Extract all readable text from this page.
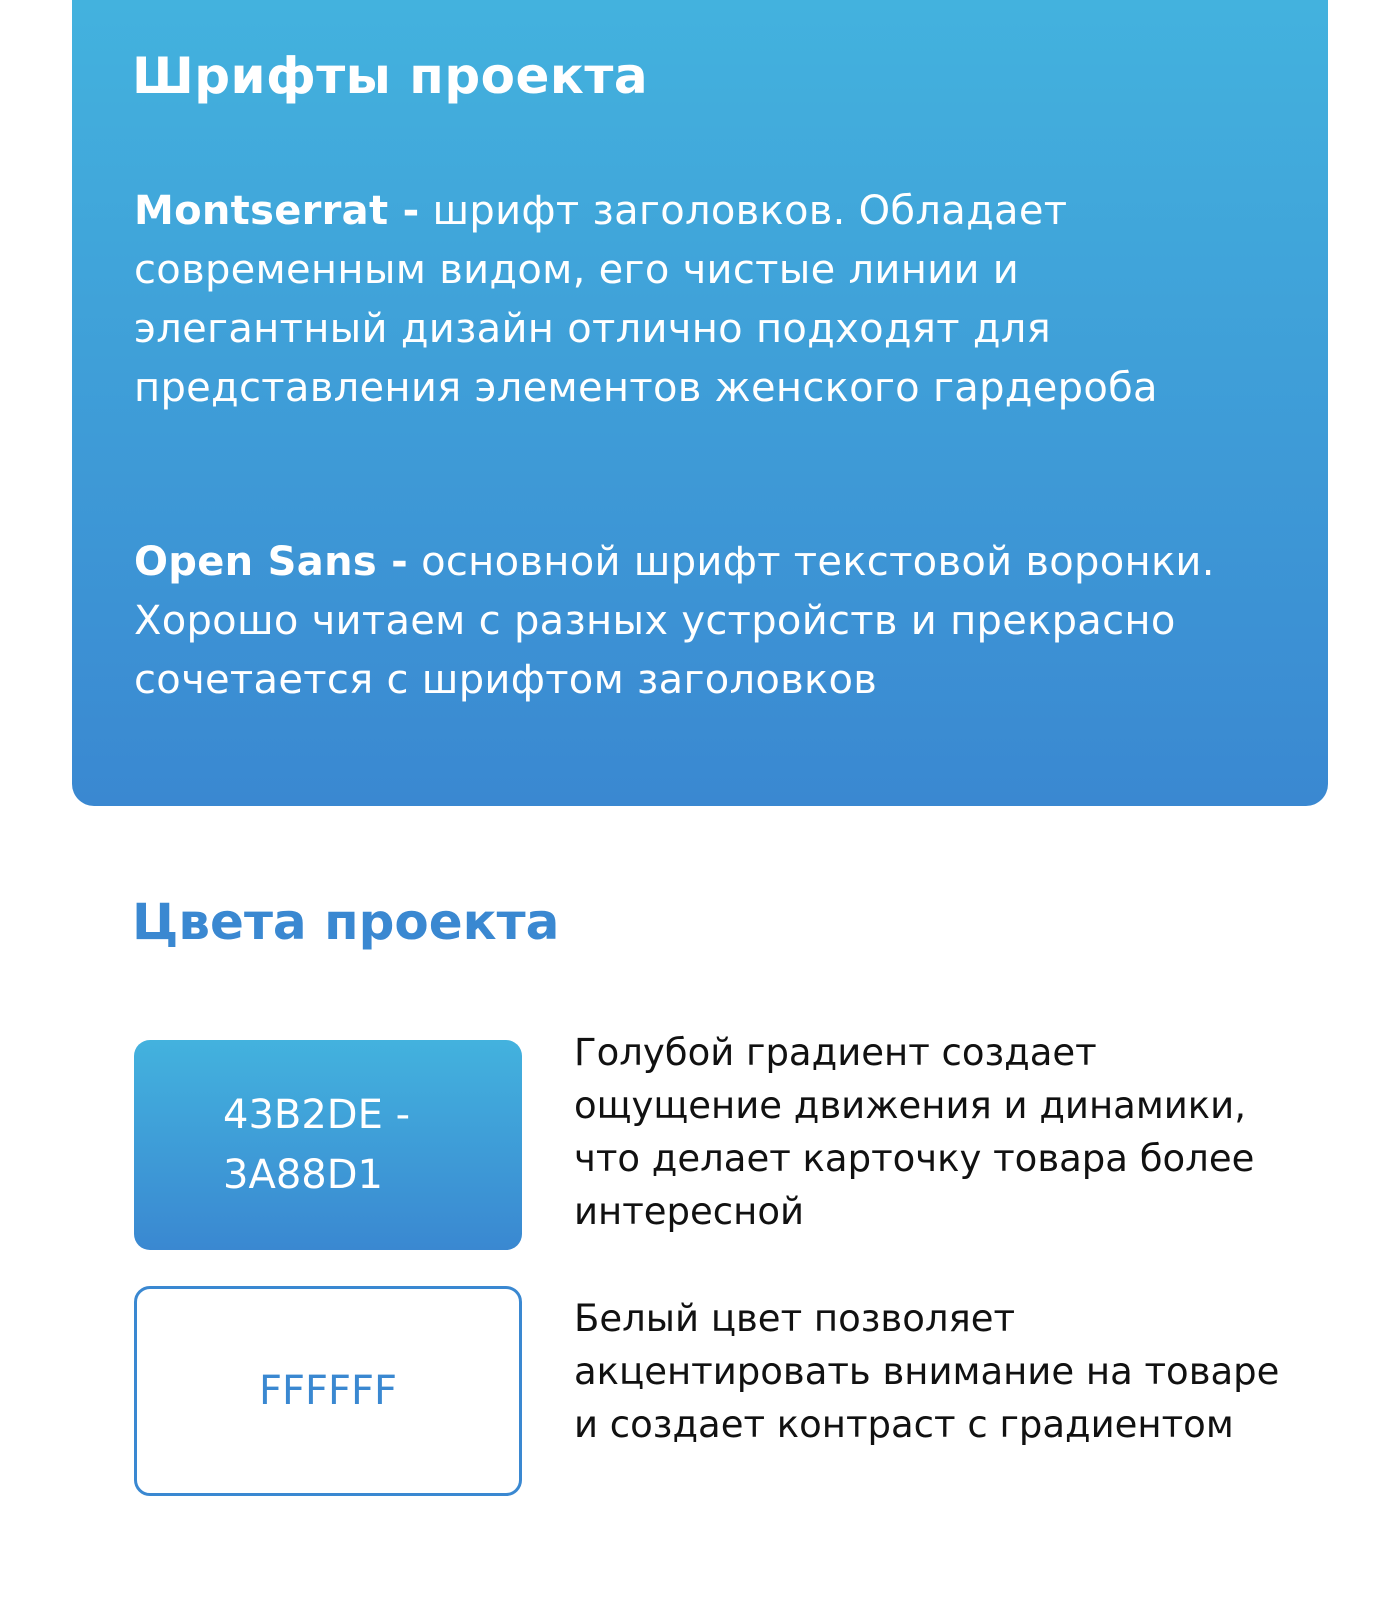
Шрифты проекта

Montserrat - шрифт заголовков. Обладает современным видом, его чистые линии и элегантный дизайн отлично подходят для представления элементов женского гардероба

Open Sans - основной шрифт текстовой воронки. Хорошо читаем с разных устройств и прекрасно сочетается с шрифтом заголовков

Цвета проекта
43B2DE - 3A88D1

Голубой градиент создает ощущение движения и динамики, что делает карточку товара более интересной

FFFFFF

Белый цвет позволяет акцентировать внимание на товаре и создает контраст с градиентом
